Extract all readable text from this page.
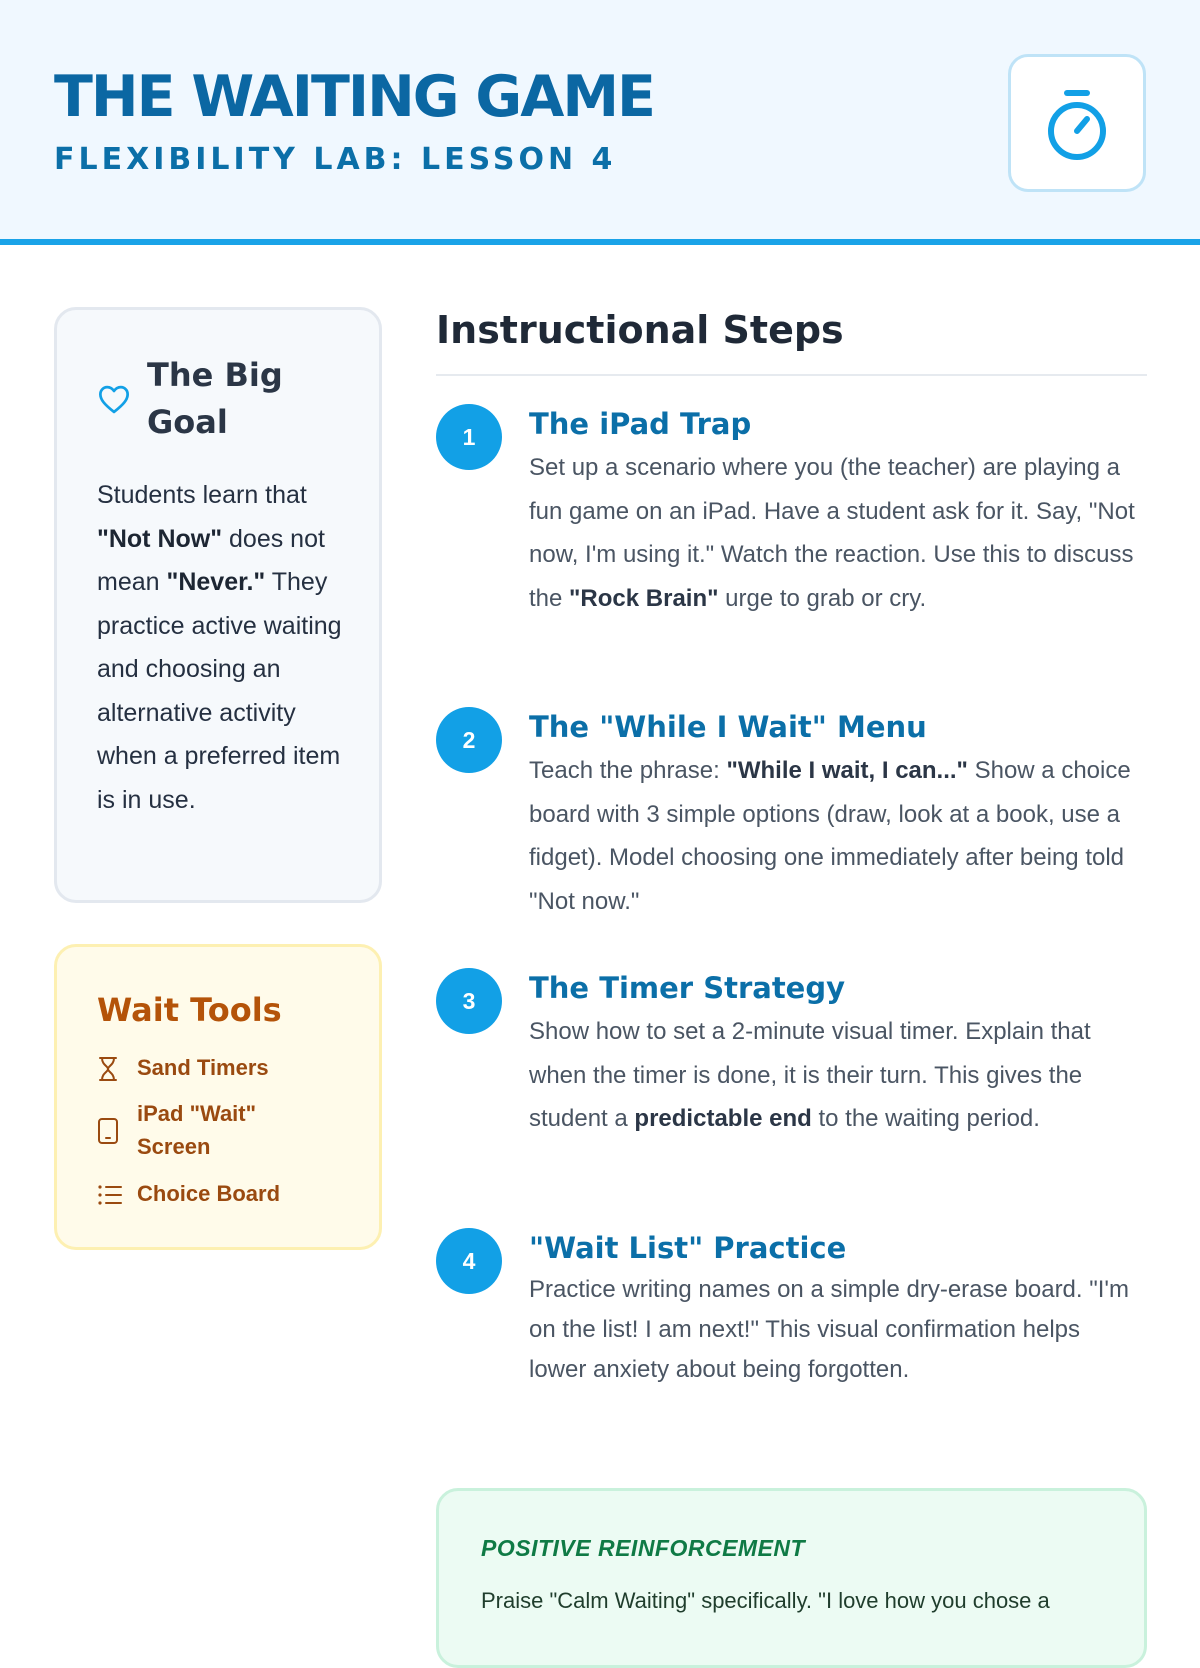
THE WAITING GAME
FLEXIBILITY LAB: LESSON 4
The Big Goal
Students learn that "Not Now" does not mean "Never." They practice active waiting and choosing an alternative activity when a preferred item is in use.
Wait Tools
Sand Timers
iPad "Wait" Screen
Choice Board
Instructional Steps
1	The iPad Trap
Set up a scenario where you (the teacher) are playing a fun game on an iPad. Have a student ask for it. Say, "Not now, I'm using it." Watch the reaction. Use this to discuss the "Rock Brain" urge to grab or cry.
2	The "While I Wait" Menu
Teach the phrase: "While I wait, I can..." Show a choice board with 3 simple options (draw, look at a book, use a fidget). Model choosing one immediately after being told "Not now."
3	The Timer Strategy
Show how to set a 2-minute visual timer. Explain that when the timer is done, it is their turn. This gives the student a predictable end to the waiting period.
4	"Wait List" Practice
Practice writing names on a simple dry-erase board. "I'm on the list! I am next!" This visual confirmation helps lower anxiety about being forgotten.
POSITIVE REINFORCEMENT
Praise "Calm Waiting" specifically. "I love how you chose a
